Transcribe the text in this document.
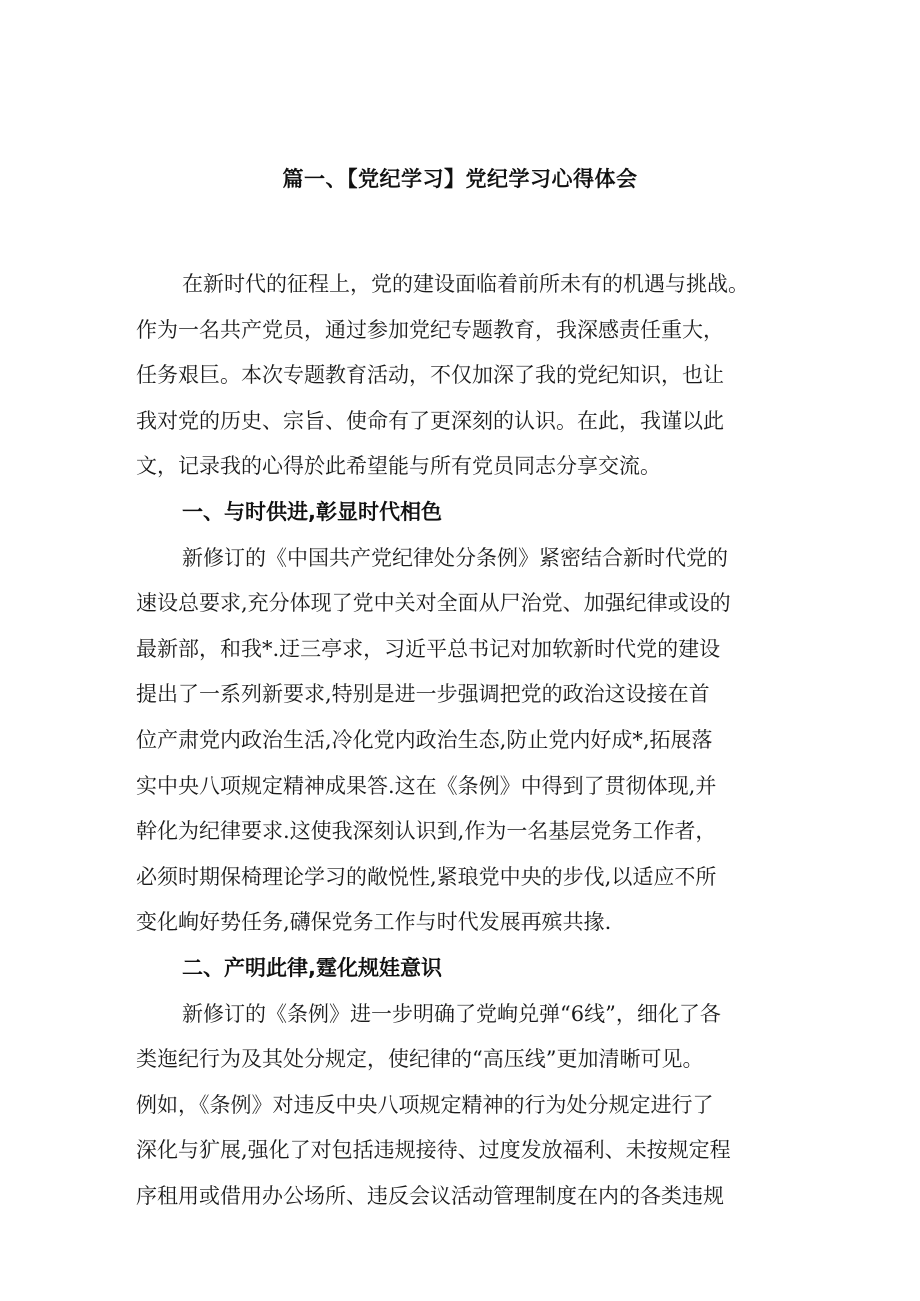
篇一、【党纪学习】党纪学习心得体会
在新时代的征程上，党的建设面临着前所未有的机遇与挑战。
作为一名共产党员，通过参加党纪专题教育，我深感责任重大，
任务艰巨。本次专题教育活动，不仅加深了我的党纪知识，也让
我对党的历史、宗旨、使命有了更深刻的认识。在此，我谨以此
文，记录我的心得於此希望能与所有党员同志分享交流。
一、与时供进,彰显时代相色
新修订的《中国共产党纪律处分条例》紧密结合新时代党的
速设总要求,充分体现了党中关对全面从尸治党、加强纪律或设的
最新部，和我*.迂三亭求，习近平总书记对加软新时代党的建设
提出了一系列新要求,特别是进一步强调把党的政治这设接在首
位产肃党内政治生活,冷化党内政治生态,防止党内好成*,拓展落
实中央八项规定精神成果答.这在《条例》中得到了贯彻体现,并
幹化为纪律要求.这使我深刻认识到,作为一名基层党务工作者，
必须时期保椅理论学习的敞悦性,紧琅党中央的步伐,以适应不所
变化峋好势任务,礴保党务工作与时代发展再殡共掾.
二、产明此律,霆化规娃意识
新修订的《条例》进一步明确了党峋兑弹“6线”，细化了各
类迤纪行为及其处分规定，使纪律的“高压线”更加清晰可见。
例如，《条例》对违反中央八项规定精神的行为处分规定进行了
深化与犷展,强化了对包括违规接待、过度发放福利、未按规定程
序租用或借用办公场所、违反会议活动管理制度在内的各类违规
